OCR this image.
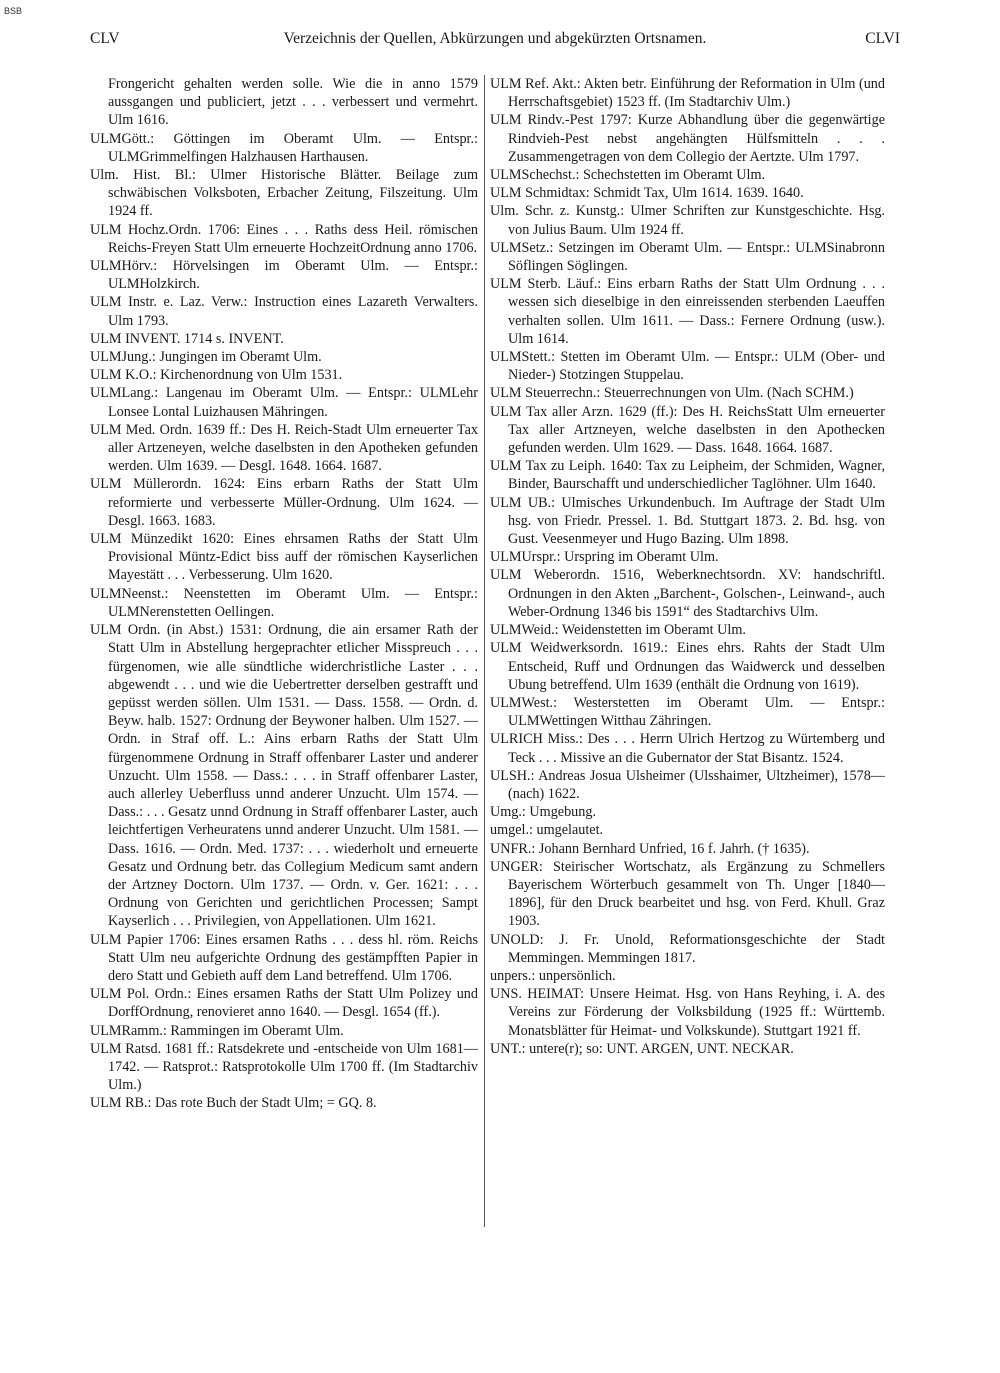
BSB
CLV	Verzeichnis der Quellen, Abkürzungen und abgekürzten Ortsnamen.	CLVI

Frongericht gehalten werden solle. Wie die in anno 1579 aussgangen und publiciert, jetzt . . . verbessert und vermehrt. Ulm 1616.

ULMGött.: Göttingen im Oberamt Ulm. — Entspr.: ULMGrimmelfingen Halzhausen Harthausen.

Ulm. Hist. Bl.: Ulmer Historische Blätter. Beilage zum schwäbischen Volksboten, Erbacher Zeitung, Filszeitung. Ulm 1924 ff.

ULM Hochz.Ordn. 1706: Eines . . . Raths dess Heil. römischen Reichs-Freyen Statt Ulm erneuerte HochzeitOrdnung anno 1706.

ULMHörv.: Hörvelsingen im Oberamt Ulm. — Entspr.: ULMHolzkirch.

ULM Instr. e. Laz. Verw.: Instruction eines Lazareth Verwalters. Ulm 1793.

ULM INVENT. 1714 s. INVENT.

ULMJung.: Jungingen im Oberamt Ulm.

ULM K.O.: Kirchenordnung von Ulm 1531.

ULMLang.: Langenau im Oberamt Ulm. — Entspr.: ULMLehr Lonsee Lontal Luizhausen Mähringen.

ULM Med. Ordn. 1639 ff.: Des H. Reich-Stadt Ulm erneuerter Tax aller Artzeneyen, welche daselbsten in den Apotheken gefunden werden. Ulm 1639. — Desgl. 1648. 1664. 1687.

ULM Müllerordn. 1624: Eins erbarn Raths der Statt Ulm reformierte und verbesserte Müller-Ordnung. Ulm 1624. — Desgl. 1663. 1683.

ULM Münzedikt 1620: Eines ehrsamen Raths der Statt Ulm Provisional Müntz-Edict biss auff der römischen Kayserlichen Mayestätt . . . Verbesserung. Ulm 1620.

ULMNeenst.: Neenstetten im Oberamt Ulm. — Entspr.: ULMNerenstetten Oellingen.

ULM Ordn. (in Abst.) 1531: Ordnung, die ain ersamer Rath der Statt Ulm in Abstellung hergeprachter etlicher Misspreuch . . . fürgenomen, wie alle sündtliche widerchristliche Laster . . . abgewendt . . . und wie die Uebertretter derselben gestrafft und gepüsst werden söllen. Ulm 1531. — Dass. 1558. — Ordn. d. Beyw. halb. 1527: Ordnung der Beywoner halben. Ulm 1527. — Ordn. in Straf off. L.: Ains erbarn Raths der Statt Ulm fürgenommene Ordnung in Straff offenbarer Laster und anderer Unzucht. Ulm 1558. — Dass.: . . . in Straff offenbarer Laster, auch allerley Ueberfluss unnd anderer Unzucht. Ulm 1574. — Dass.: . . . Gesatz unnd Ordnung in Straff offenbarer Laster, auch leichtfertigen Verheuratens unnd anderer Unzucht. Ulm 1581. — Dass. 1616. — Ordn. Med. 1737: . . . wiederholt und erneuerte Gesatz und Ordnung betr. das Collegium Medicum samt andern der Artzney Doctorn. Ulm 1737. — Ordn. v. Ger. 1621: . . . Ordnung von Gerichten und gerichtlichen Processen; Sampt Kayserlich . . . Privilegien, von Appellationen. Ulm 1621.

ULM Papier 1706: Eines ersamen Raths . . . dess hl. röm. Reichs Statt Ulm neu aufgerichte Ordnung des gestämpfften Papier in dero Statt und Gebieth auff dem Land betreffend. Ulm 1706.

ULM Pol. Ordn.: Eines ersamen Raths der Statt Ulm Polizey und DorffOrdnung, renovieret anno 1640. — Desgl. 1654 (ff.).

ULMRamm.: Rammingen im Oberamt Ulm.

ULM Ratsd. 1681 ff.: Ratsdekrete und -entscheide von Ulm 1681—1742. — Ratsprot.: Ratsprotokolle Ulm 1700 ff. (Im Stadtarchiv Ulm.)

ULM RB.: Das rote Buch der Stadt Ulm; = GQ. 8.

ULM Ref. Akt.: Akten betr. Einführung der Reformation in Ulm (und Herrschaftsgebiet) 1523 ff. (Im Stadtarchiv Ulm.)

ULM Rindv.-Pest 1797: Kurze Abhandlung über die gegenwärtige Rindvieh-Pest nebst angehängten Hülfsmitteln . . . Zusammengetragen von dem Collegio der Aertzte. Ulm 1797.

ULMSchechst.: Schechstetten im Oberamt Ulm.

ULM Schmidtax: Schmidt Tax, Ulm 1614. 1639. 1640.

Ulm. Schr. z. Kunstg.: Ulmer Schriften zur Kunstgeschichte. Hsg. von Julius Baum. Ulm 1924 ff.

ULMSetz.: Setzingen im Oberamt Ulm. — Entspr.: ULMSinabronn Söflingen Söglingen.

ULM Sterb. Läuf.: Eins erbarn Raths der Statt Ulm Ordnung . . . wessen sich dieselbige in den einreissenden sterbenden Laeuffen verhalten sollen. Ulm 1611. — Dass.: Fernere Ordnung (usw.). Ulm 1614.

ULMStett.: Stetten im Oberamt Ulm. — Entspr.: ULM (Ober- und Nieder-) Stotzingen Stuppelau.

ULM Steuerrechn.: Steuerrechnungen von Ulm. (Nach SCHM.)

ULM Tax aller Arzn. 1629 (ff.): Des H. ReichsStatt Ulm erneuerter Tax aller Artzneyen, welche daselbsten in den Apothecken gefunden werden. Ulm 1629. — Dass. 1648. 1664. 1687.

ULM Tax zu Leiph. 1640: Tax zu Leipheim, der Schmiden, Wagner, Binder, Baurschafft und underschiedlicher Taglöhner. Ulm 1640.

ULM UB.: Ulmisches Urkundenbuch. Im Auftrage der Stadt Ulm hsg. von Friedr. Pressel. 1. Bd. Stuttgart 1873. 2. Bd. hsg. von Gust. Veesenmeyer und Hugo Bazing. Ulm 1898.

ULMUrspr.: Urspring im Oberamt Ulm.

ULM Weberordn. 1516, Weberknechtsordn. XV: handschriftl. Ordnungen in den Akten „Barchent-, Golschen-, Leinwand-, auch Weber-Ordnung 1346 bis 1591“ des Stadtarchivs Ulm.

ULMWeid.: Weidenstetten im Oberamt Ulm.

ULM Weidwerksordn. 1619.: Eines ehrs. Rahts der Stadt Ulm Entscheid, Ruff und Ordnungen das Waidwerck und desselben Ubung betreffend. Ulm 1639 (enthält die Ordnung von 1619).

ULMWest.: Westerstetten im Oberamt Ulm. — Entspr.: ULMWettingen Witthau Zähringen.

ULRICH Miss.: Des . . . Herrn Ulrich Hertzog zu Würtemberg und Teck . . . Missive an die Gubernator der Stat Bisantz. 1524.

ULSH.: Andreas Josua Ulsheimer (Ulsshaimer, Ultzheimer), 1578—(nach) 1622.

Umg.: Umgebung.

umgel.: umgelautet.

UNFR.: Johann Bernhard Unfried, 16 f. Jahrh. († 1635).

UNGER: Steirischer Wortschatz, als Ergänzung zu Schmellers Bayerischem Wörterbuch gesammelt von Th. Unger [1840—1896], für den Druck bearbeitet und hsg. von Ferd. Khull. Graz 1903.

UNOLD: J. Fr. Unold, Reformationsgeschichte der Stadt Memmingen. Memmingen 1817.

unpers.: unpersönlich.

UNS. HEIMAT: Unsere Heimat. Hsg. von Hans Reyhing, i. A. des Vereins zur Förderung der Volksbildung (1925 ff.: Württemb. Monatsblätter für Heimat- und Volkskunde). Stuttgart 1921 ff.

UNT.: untere(r); so: UNT. ARGEN, UNT. NECKAR.
